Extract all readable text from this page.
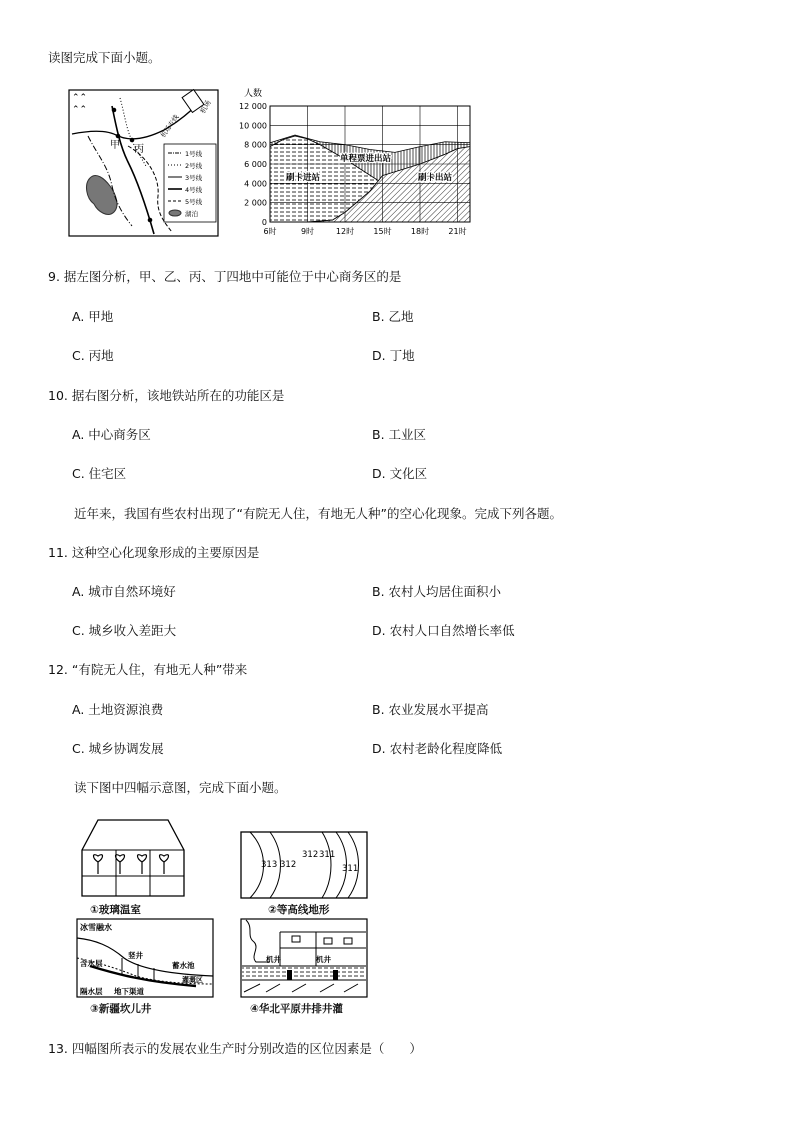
读图完成下面小题。
⌃⌃
⌃⌃
甲 丙
机场
机场专线
1号线
2号线
3号线
4号线
5号线
湖泊
人数
12 000
10 000
8 000
6 000
4 000
2 000
0
6时	9时	12时 15时 18时 21时
单程票进出站
刷卡进站	刷卡出站
9. 据左图分析，甲、乙、丙、丁四地中可能位于中心商务区的是
A. 甲地	B. 乙地
C. 丙地	D. 丁地
10. 据右图分析，该地铁站所在的功能区是
A. 中心商务区	B. 工业区
C. 住宅区	D. 文化区
近年来，我国有些农村出现了“有院无人住，有地无人种”的空心化现象。完成下列各题。
11. 这种空心化现象形成的主要原因是
A. 城市自然环境好	B. 农村人均居住面积小
C. 城乡收入差距大	D. 农村人口自然增长率低
12. “有院无人住，有地无人种”带来
A. 土地资源浪费	B. 农业发展水平提高
C. 城乡协调发展	D. 农村老龄化程度降低
读下图中四幅示意图，完成下面小题。
①玻璃温室
313 312
312 311
311
②等高线地形
冰雪融水
含水层
竖井
蓄水池
灌溉区
隔水层 地下渠道
③新疆坎儿井
机井	机井
④华北平原井排井灌
13. 四幅图所表示的发展农业生产时分别改造的区位因素是（　　）
